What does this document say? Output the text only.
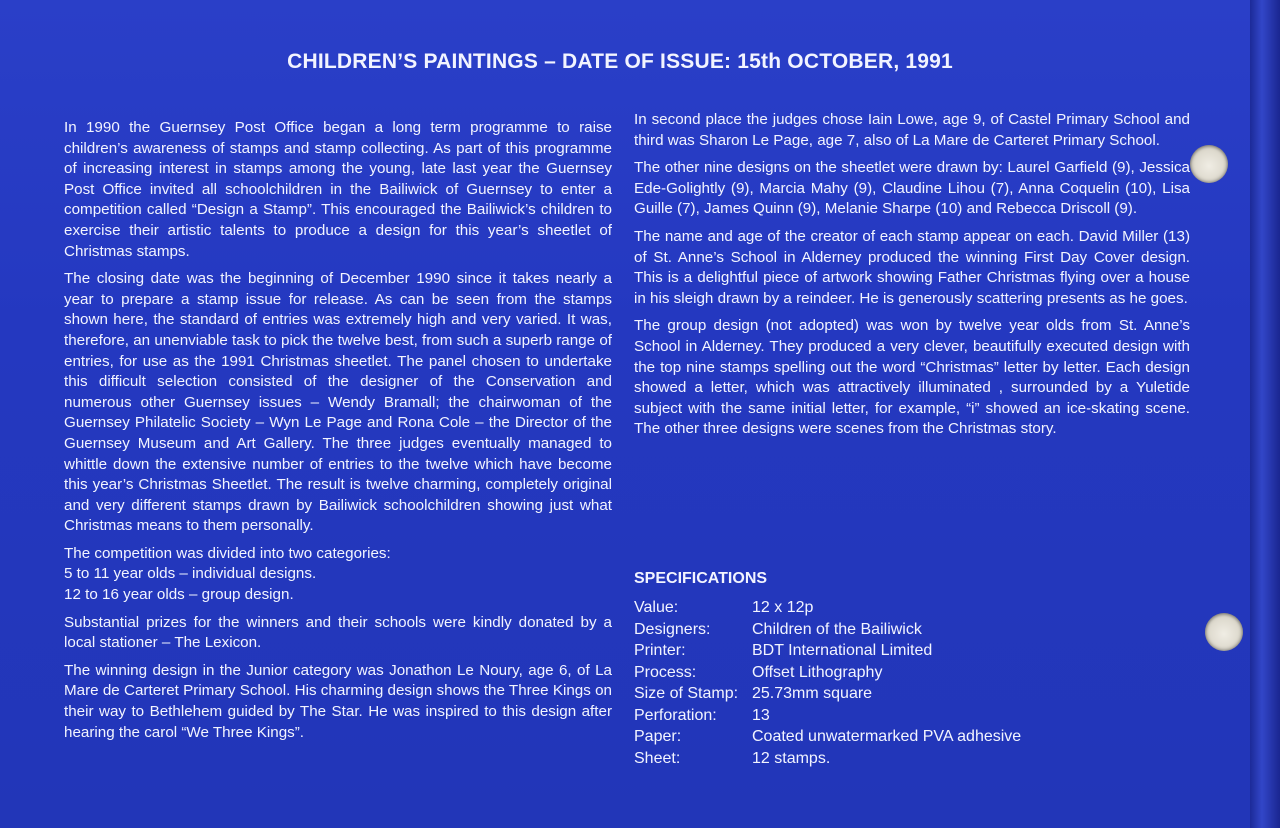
CHILDREN’S PAINTINGS – DATE OF ISSUE: 15th OCTOBER, 1991

In 1990 the Guernsey Post Office began a long term programme to raise children’s awareness of stamps and stamp collecting. As part of this programme of increasing interest in stamps among the young, late last year the Guernsey Post Office invited all schoolchildren in the Bailiwick of Guernsey to enter a competition called “Design a Stamp”. This encouraged the Bailiwick’s children to exercise their artistic talents to produce a design for this year’s sheetlet of Christmas stamps.

The closing date was the beginning of December 1990 since it takes nearly a year to prepare a stamp issue for release. As can be seen from the stamps shown here, the standard of entries was extremely high and very varied. It was, therefore, an unenviable task to pick the twelve best, from such a superb range of entries, for use as the 1991 Christmas sheetlet. The panel chosen to undertake this difficult selection consisted of the designer of the Conservation and numerous other Guernsey issues – Wendy Bramall; the chairwoman of the Guernsey Philatelic Society – Wyn Le Page and Rona Cole – the Director of the Guernsey Museum and Art Gallery. The three judges eventually managed to whittle down the extensive number of entries to the twelve which have become this year’s Christmas Sheetlet. The result is twelve charming, completely original and very different stamps drawn by Bailiwick schoolchildren showing just what Christmas means to them personally.

The competition was divided into two categories:

5 to 11 year olds – individual designs.

12 to 16 year olds – group design.

Substantial prizes for the winners and their schools were kindly donated by a local stationer – The Lexicon.

The winning design in the Junior category was Jonathon Le Noury, age 6, of La Mare de Carteret Primary School. His charming design shows the Three Kings on their way to Bethlehem guided by The Star. He was inspired to this design after hearing the carol “We Three Kings”.

In second place the judges chose Iain Lowe, age 9, of Castel Primary School and third was Sharon Le Page, age 7, also of La Mare de Carteret Primary School.

The other nine designs on the sheetlet were drawn by: Laurel Garfield (9), Jessica Ede-Golightly (9), Marcia Mahy (9), Claudine Lihou (7), Anna Coquelin (10), Lisa Guille (7), James Quinn (9), Melanie Sharpe (10) and Rebecca Driscoll (9).

The name and age of the creator of each stamp appear on each. David Miller (13) of St. Anne’s School in Alderney produced the winning First Day Cover design. This is a delightful piece of artwork showing Father Christmas flying over a house in his sleigh drawn by a reindeer. He is generously scattering presents as he goes.

The group design (not adopted) was won by twelve year olds from St. Anne’s School in Alderney. They produced a very clever, beautifully executed design with the top nine stamps spelling out the word “Christmas” letter by letter. Each design showed a letter, which was attractively illuminated , surrounded by a Yuletide subject with the same initial letter, for example, “i” showed an ice-skating scene. The other three designs were scenes from the Christmas story.

SPECIFICATIONS
Value:	12 x 12p
Designers:	Children of the Bailiwick
Printer:	BDT International Limited
Process:	Offset Lithography
Size of Stamp: 25.73mm square
Perforation:	13
Paper:	Coated unwatermarked PVA adhesive
Sheet:	12 stamps.
